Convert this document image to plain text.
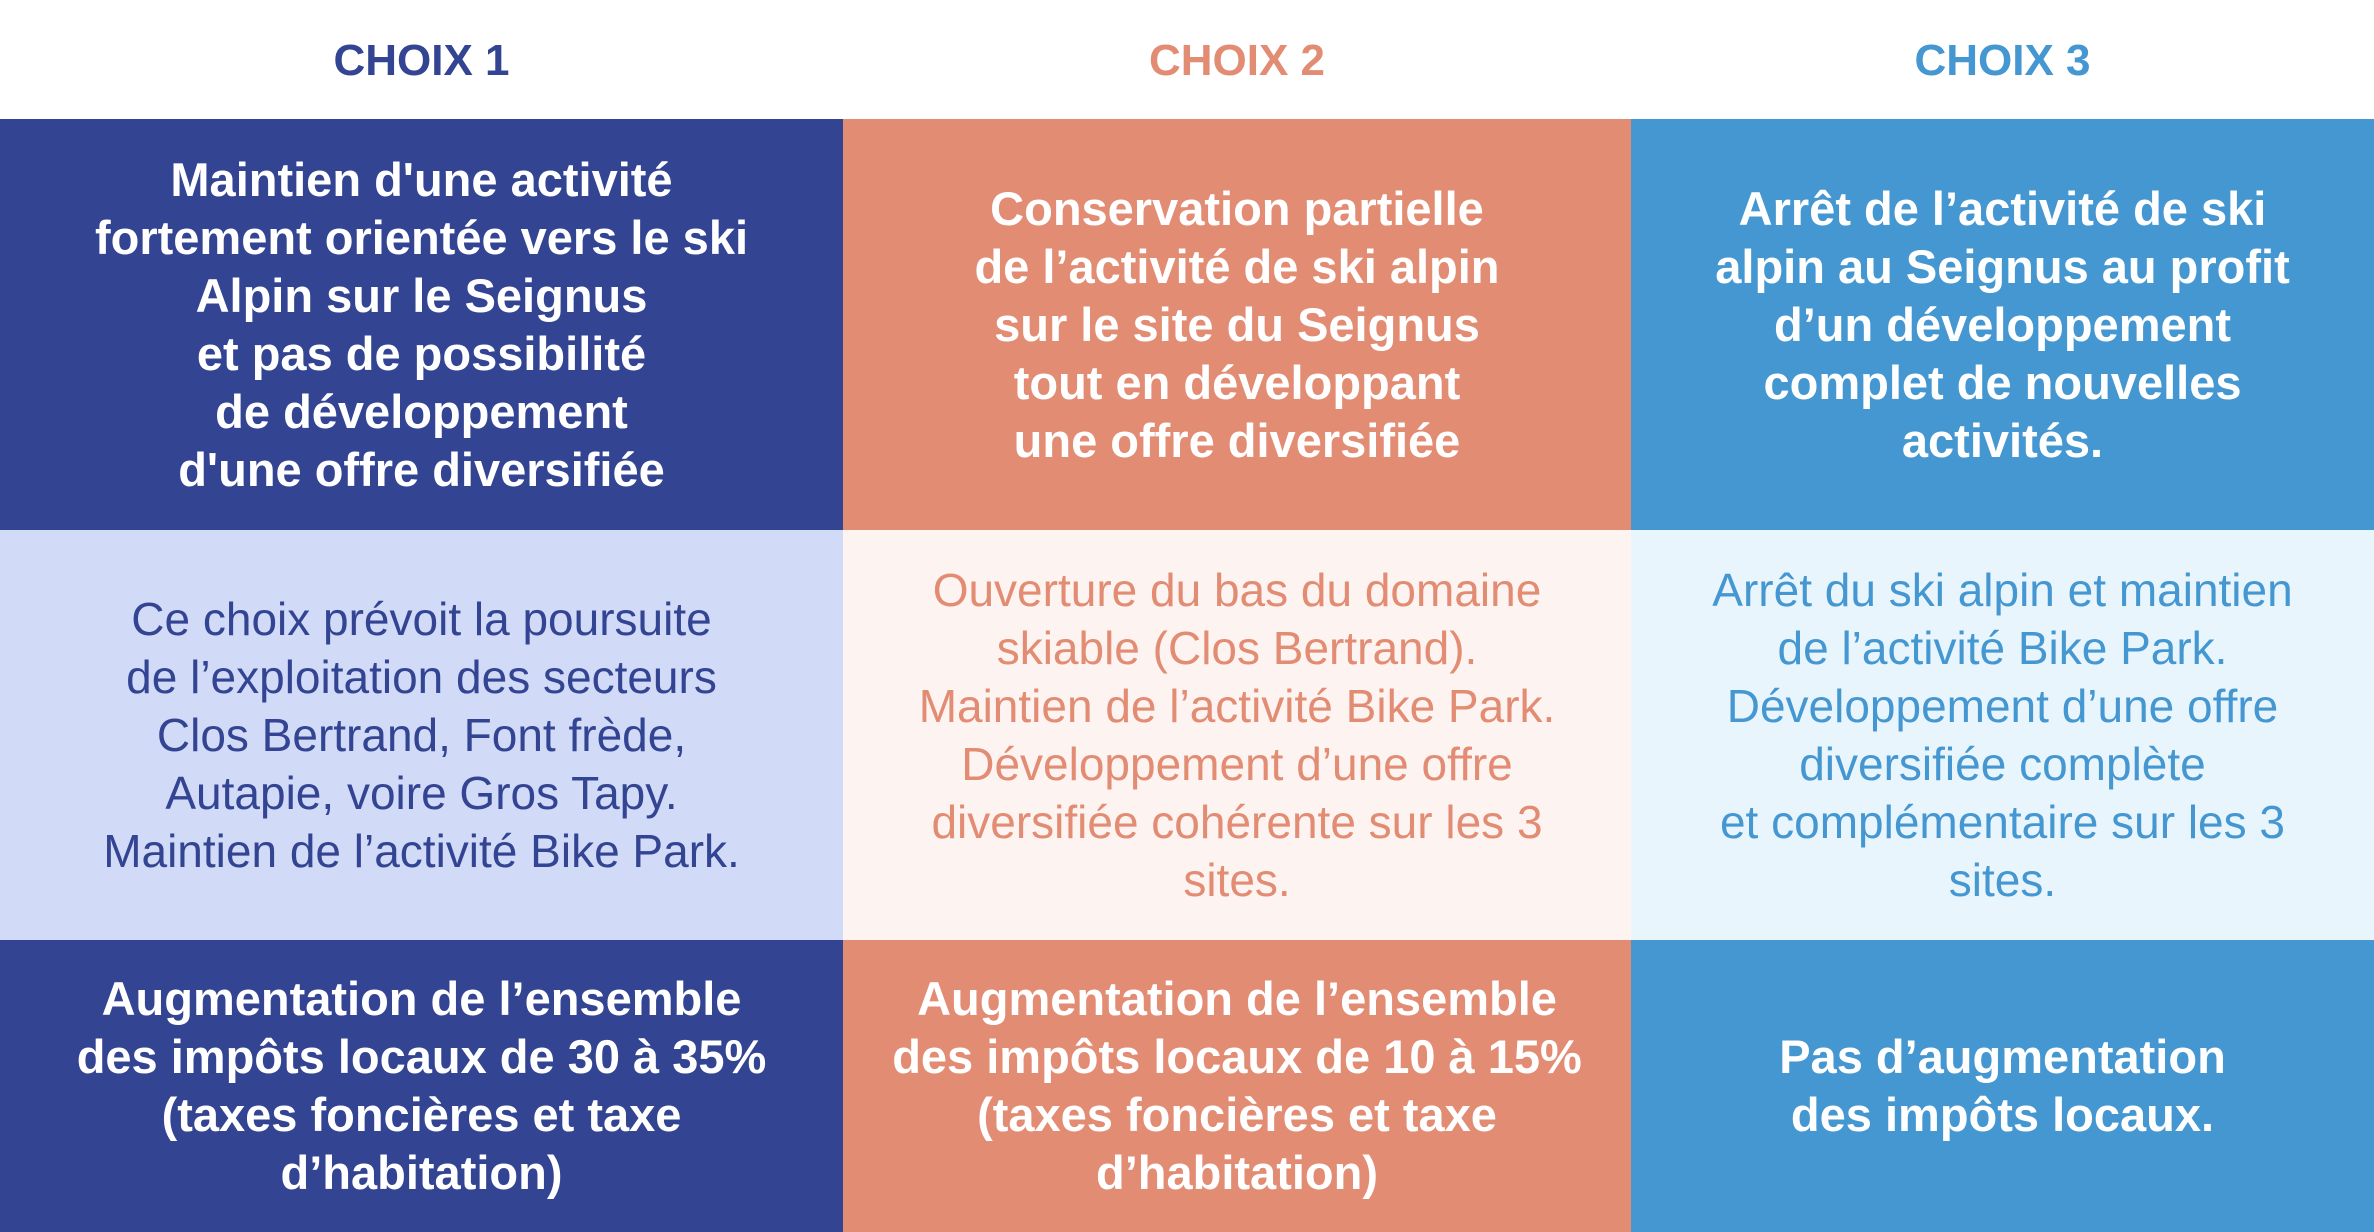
CHOIX 1	CHOIX 2	CHOIX 3
Maintien d'une activité
fortement orientée vers le ski
Alpin sur le Seignus
et pas de possibilité
de développement
d'une offre diversifiée
Conservation partielle
de l’activité de ski alpin
sur le site du Seignus
tout en développant
une offre diversifiée
Arrêt de l’activité de ski
alpin au Seignus au profit
d’un développement
complet de nouvelles
activités.
Ce choix prévoit la poursuite
de l’exploitation des secteurs
Clos Bertrand, Font frède,
Autapie, voire Gros Tapy.
Maintien de l’activité Bike Park.
Ouverture du bas du domaine
skiable (Clos Bertrand).
Maintien de l’activité Bike Park.
Développement d’une offre
diversifiée cohérente sur les 3
sites.
Arrêt du ski alpin et maintien
de l’activité Bike Park.
Développement d’une offre
diversifiée complète
et complémentaire sur les 3
sites.
Augmentation de l’ensemble
des impôts locaux de 30 à 35%
(taxes foncières et taxe
d’habitation)
Augmentation de l’ensemble
des impôts locaux de 10 à 15%
(taxes foncières et taxe
d’habitation)
Pas d’augmentation
des impôts locaux.
